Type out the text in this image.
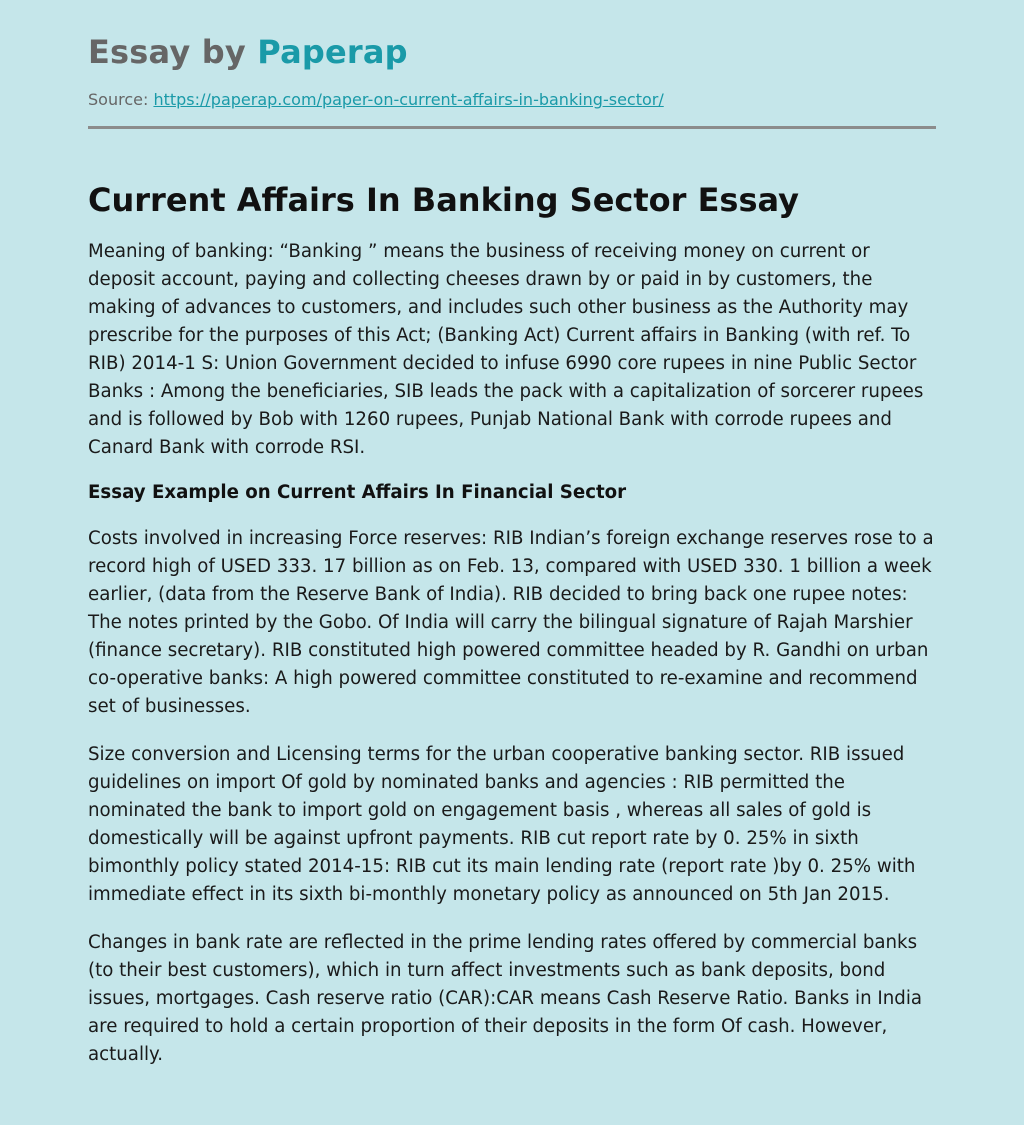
Essay by Paperap
Source: https://paperap.com/paper-on-current-affairs-in-banking-sector/
Current Affairs In Banking Sector Essay

Meaning of banking: “Banking ” means the business of receiving money on current or deposit account, paying and collecting cheeses drawn by or paid in by customers, the making of advances to customers, and includes such other business as the Authority may prescribe for the purposes of this Act; (Banking Act) Current affairs in Banking (with ref. To RIB) 2014-1 S: Union Government decided to infuse 6990 core rupees in nine Public Sector Banks : Among the beneficiaries, SIB leads the pack with a capitalization of sorcerer rupees and is followed by Bob with 1260 rupees, Punjab National Bank with corrode rupees and Canard Bank with corrode RSI.

Essay Example on Current Affairs In Financial Sector

Costs involved in increasing Force reserves: RIB Indian’s foreign exchange reserves rose to a record high of USED 333. 17 billion as on Feb. 13, compared with USED 330. 1 billion a week earlier, (data from the Reserve Bank of India). RIB decided to bring back one rupee notes: The notes printed by the Gobo. Of India will carry the bilingual signature of Rajah Marshier (finance secretary). RIB constituted high powered committee headed by R. Gandhi on urban co-operative banks: A high powered committee constituted to re-examine and recommend set of businesses.

Size conversion and Licensing terms for the urban cooperative banking sector. RIB issued guidelines on import Of gold by nominated banks and agencies : RIB permitted the nominated the bank to import gold on engagement basis , whereas all sales of gold is domestically will be against upfront payments. RIB cut report rate by 0. 25% in sixth bimonthly policy stated 2014-15: RIB cut its main lending rate (report rate )by 0. 25% with immediate effect in its sixth bi-monthly monetary policy as announced on 5th Jan 2015.

Changes in bank rate are reflected in the prime lending rates offered by commercial banks (to their best customers), which in turn affect investments such as bank deposits, bond issues, mortgages. Cash reserve ratio (CAR):CAR means Cash Reserve Ratio. Banks in India are required to hold a certain proportion of their deposits in the form Of cash. However, actually.
